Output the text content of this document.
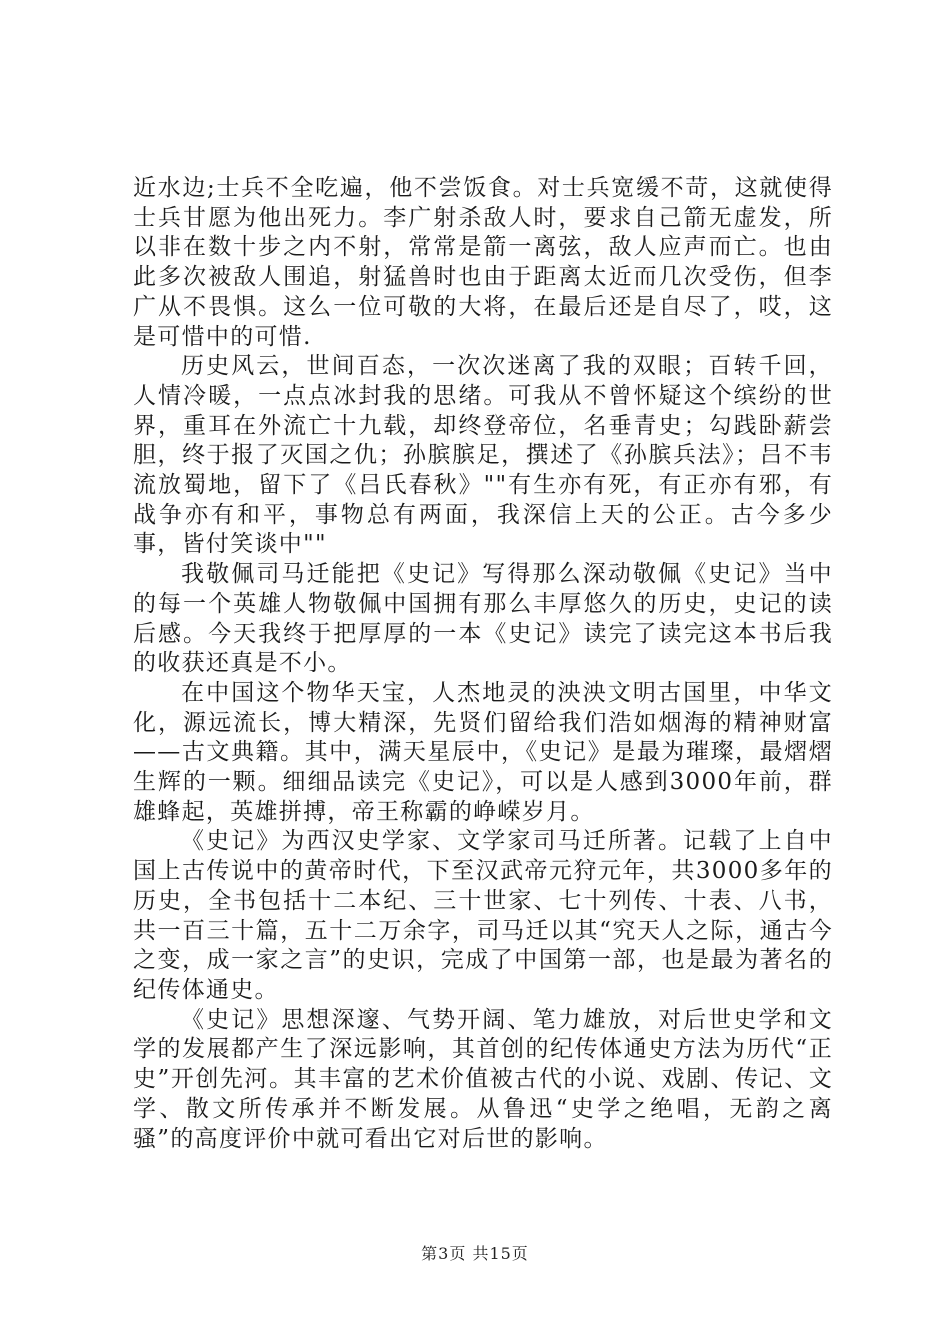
近水边;士兵不全吃遍，他不尝饭食。对士兵宽缓不苛，这就使得士兵甘愿为他出死力。李广射杀敌人时，要求自己箭无虚发，所以非在数十步之内不射，常常是箭一离弦，敌人应声而亡。也由此多次被敌人围追，射猛兽时也由于距离太近而几次受伤，但李广从不畏惧。这么一位可敬的大将，在最后还是自尽了，哎，这是可惜中的可惜.

历史风云，世间百态，一次次迷离了我的双眼；百转千回，人情冷暖，一点点冰封我的思绪。可我从不曾怀疑这个缤纷的世界，重耳在外流亡十九载，却终登帝位，名垂青史；勾践卧薪尝胆，终于报了灭国之仇；孙膑膑足，撰述了《孙膑兵法》；吕不韦流放蜀地，留下了《吕氏春秋》""有生亦有死，有正亦有邪，有战争亦有和平，事物总有两面，我深信上天的公正。古今多少事，皆付笑谈中""

我敬佩司马迁能把《史记》写得那么深动敬佩《史记》当中的每一个英雄人物敬佩中国拥有那么丰厚悠久的历史，史记的读后感。今天我终于把厚厚的一本《史记》读完了读完这本书后我的收获还真是不小。

在中国这个物华天宝，人杰地灵的泱泱文明古国里，中华文化，源远流长，博大精深，先贤们留给我们浩如烟海的精神财富——古文典籍。其中，满天星辰中，《史记》是最为璀璨，最熠熠生辉的一颗。细细品读完《史记》，可以是人感到3000年前，群雄蜂起，英雄拼搏，帝王称霸的峥嵘岁月。

《史记》为西汉史学家、文学家司马迁所著。记载了上自中国上古传说中的黄帝时代，下至汉武帝元狩元年，共3000多年的历史，全书包括十二本纪、三十世家、七十列传、十表、八书，共一百三十篇，五十二万余字，司马迁以其“究天人之际，通古今之变，成一家之言”的史识，完成了中国第一部，也是最为著名的纪传体通史。

《史记》思想深邃、气势开阔、笔力雄放，对后世史学和文学的发展都产生了深远影响，其首创的纪传体通史方法为历代“正史”开创先河。其丰富的艺术价值被古代的小说、戏剧、传记、文学、散文所传承并不断发展。从鲁迅“史学之绝唱，无韵之离骚”的高度评价中就可看出它对后世的影响。

第3页 共15页
